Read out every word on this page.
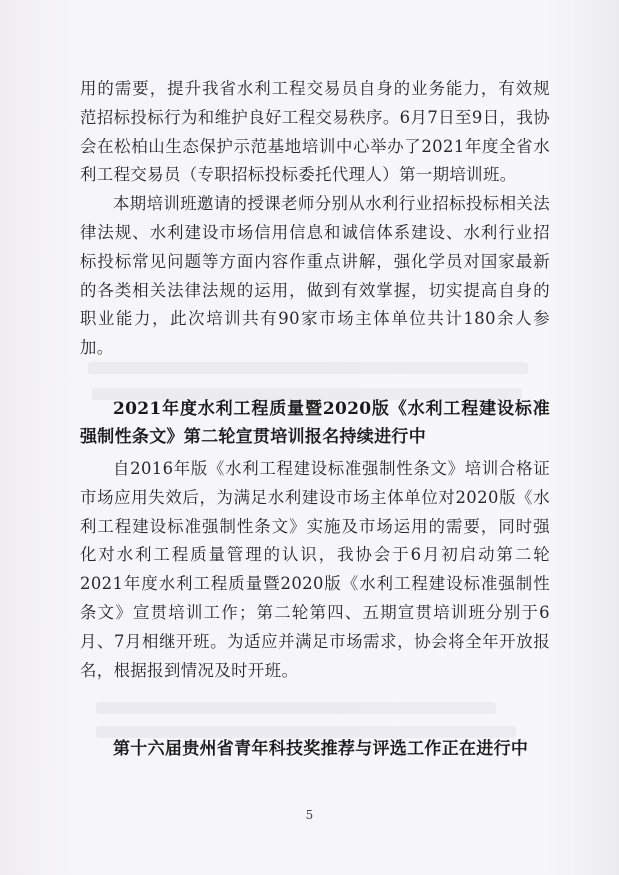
用的需要，提升我省水利工程交易员自身的业务能力，有效规范招标投标行为和维护良好工程交易秩序。6月7日至9日，我协会在松柏山生态保护示范基地培训中心举办了2021年度全省水利工程交易员（专职招标投标委托代理人）第一期培训班。

本期培训班邀请的授课老师分别从水利行业招标投标相关法律法规、水利建设市场信用信息和诚信体系建设、水利行业招标投标常见问题等方面内容作重点讲解，强化学员对国家最新的各类相关法律法规的运用，做到有效掌握，切实提高自身的职业能力，此次培训共有90家市场主体单位共计180余人参加。

2021年度水利工程质量暨2020版《水利工程建设标准强制性条文》第二轮宣贯培训报名持续进行中

自2016年版《水利工程建设标准强制性条文》培训合格证市场应用失效后，为满足水利建设市场主体单位对2020版《水利工程建设标准强制性条文》实施及市场运用的需要，同时强化对水利工程质量管理的认识，我协会于6月初启动第二轮2021年度水利工程质量暨2020版《水利工程建设标准强制性条文》宣贯培训工作；第二轮第四、五期宣贯培训班分别于6月、7月相继开班。为适应并满足市场需求，协会将全年开放报名，根据报到情况及时开班。

第十六届贵州省青年科技奖推荐与评选工作正在进行中
5
